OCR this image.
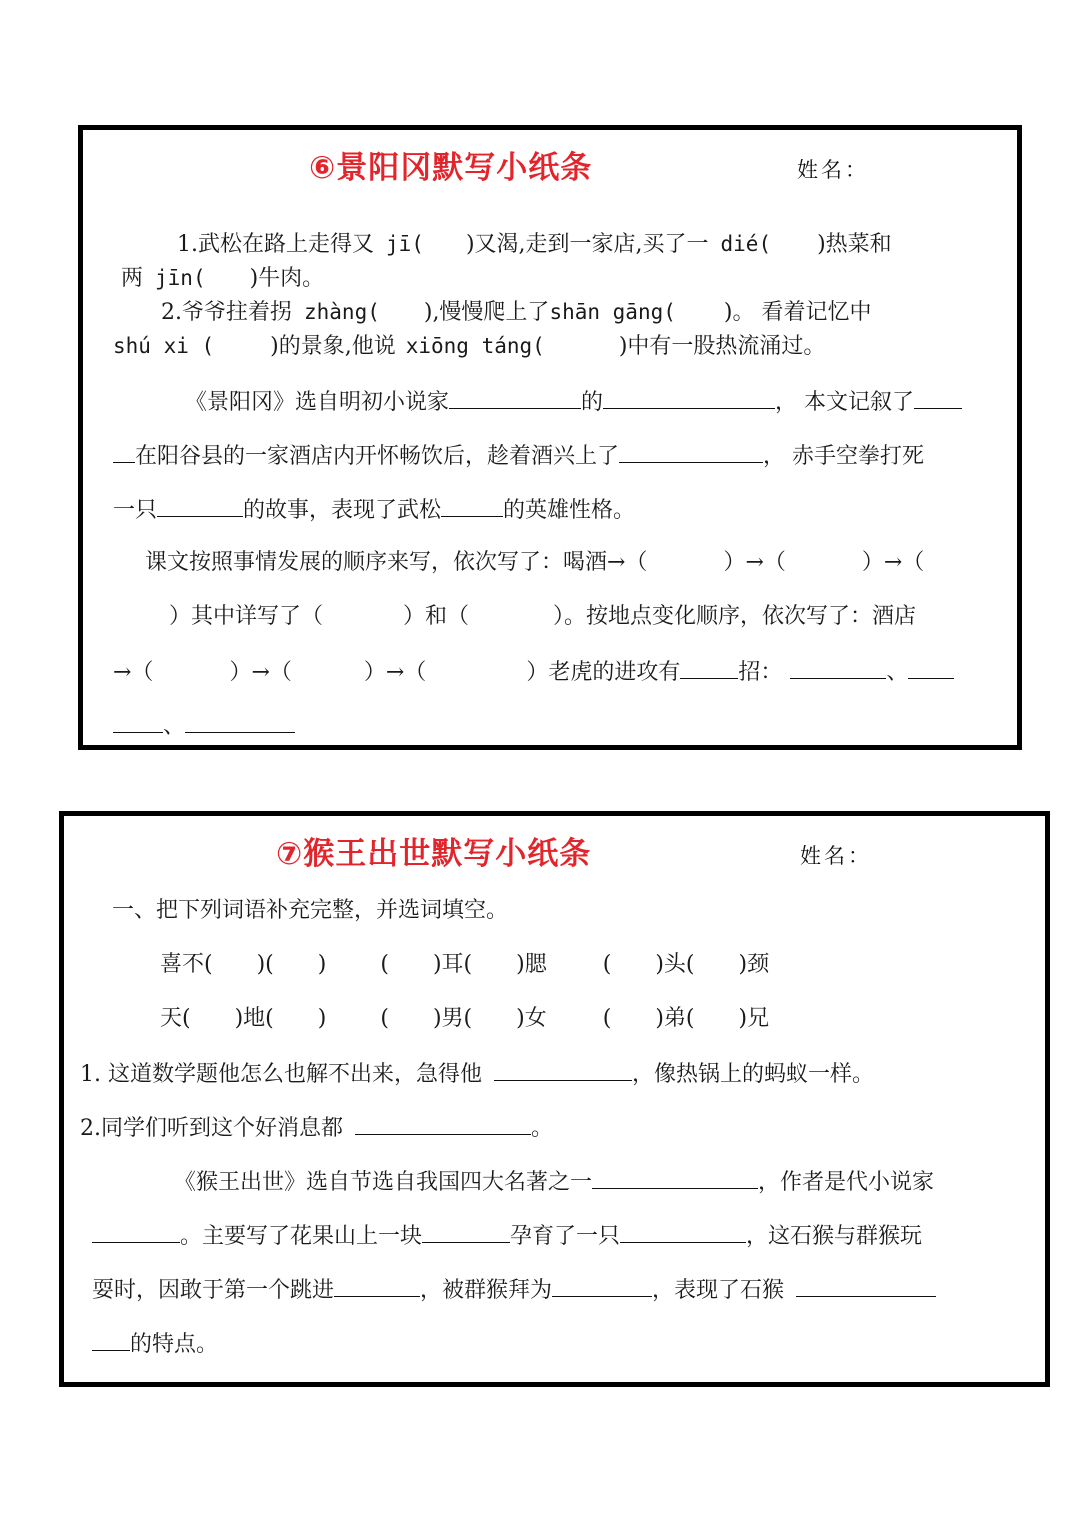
⑥景阳冈默写小纸条	姓名：
1.武松在路上走得又 jī( )又渴,走到一家店,买了一 dié( )热菜和
两 jīn( )牛肉。
2.爷爷拄着拐 zhàng( ),慢慢爬上了shān gāng( )。 看着记忆中
shú xi (	)的景象,他说 xiōng táng(	)中有一股热流涌过。
《景阳冈》选自明初小说家	的	， 本文记叙了
在阳谷县的一家酒店内开怀畅饮后，趁着酒兴上了	， 赤手空拳打死
一只	的故事，表现了武松	的英雄性格。
课文按照事情发展的顺序来写，依次写了：喝酒→（	）→（	）→（
）其中详写了（	）和（	）。按地点变化顺序，依次写了：酒店
→（	）→（	）→（	）老虎的进攻有	招：	、
、
⑦猴王出世默写小纸条	姓名：
一、把下列词语补充完整，并选词填空。
喜不( )( ) ( )耳( )腮	( )头( )颈
天( )地( ) ( )男( )女	( )弟( )兄
1. 这道数学题他怎么也解不出来，急得他	，像热锅上的蚂蚁一样。
2.同学们听到这个好消息都	。
《猴王出世》选自节选自我国四大名著之一	，作者是代小说家
。主要写了花果山上一块	孕育了一只	，这石猴与群猴玩
耍时，因敢于第一个跳进	，被群猴拜为	，表现了石猴
的特点。
